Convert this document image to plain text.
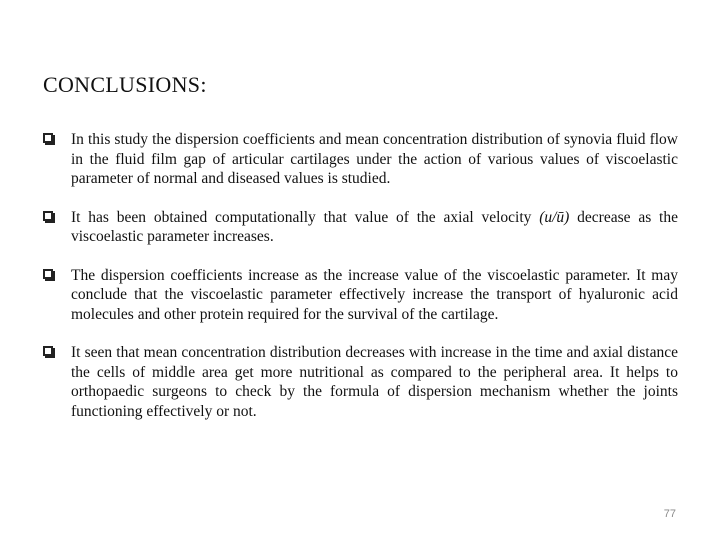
CONCLUSIONS:
In this study the dispersion coefficients and mean concentration distribution of synovia fluid flow in the fluid film gap of articular cartilages under the action of various values of viscoelastic parameter of normal and diseased values is studied.
It has been obtained computationally that value of the axial velocity (u/ū) decrease as the viscoelastic parameter increases.
The dispersion coefficients increase as the increase value of the viscoelastic parameter. It may conclude that the viscoelastic parameter effectively increase the transport of hyaluronic acid molecules and other protein required for the survival of the cartilage.
It seen that mean concentration distribution decreases with increase in the time and axial distance the cells of middle area get more nutritional as compared to the peripheral area. It helps to orthopaedic surgeons to check by the formula of dispersion mechanism whether the joints functioning effectively or not.
77
